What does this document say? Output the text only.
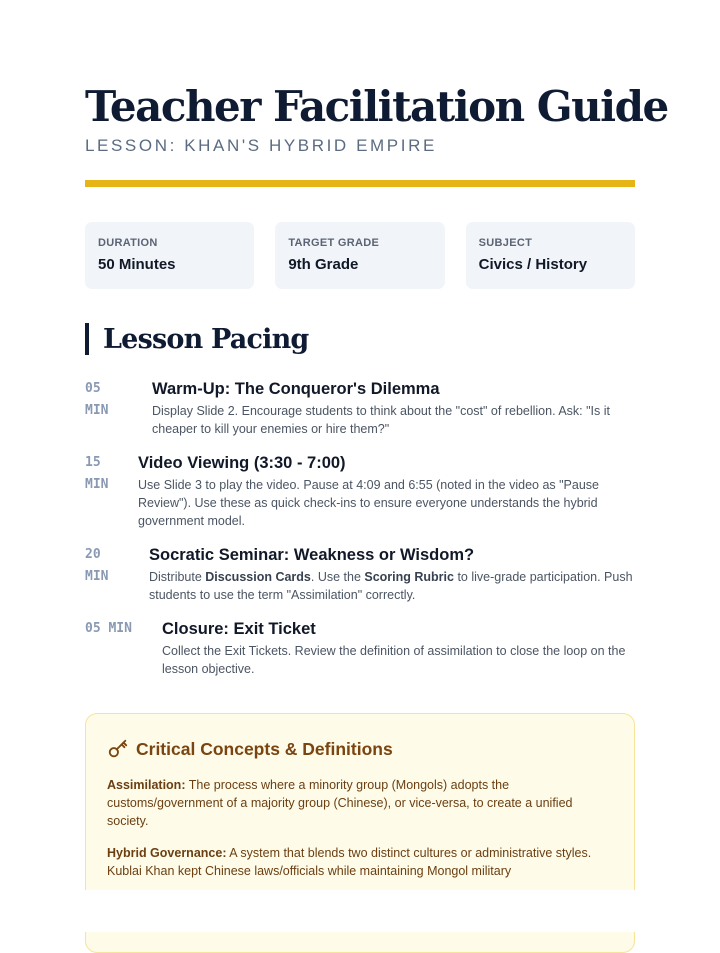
Teacher Facilitation Guide
LESSON: KHAN'S HYBRID EMPIRE
DURATION
50 Minutes
TARGET GRADE
9th Grade
SUBJECT
Civics / History
Lesson Pacing
05
MIN
Warm-Up: The Conqueror's Dilemma
Display Slide 2. Encourage students to think about the "cost" of rebellion. Ask: "Is it cheaper to kill your enemies or hire them?"
15
MIN
Video Viewing (3:30 - 7:00)
Use Slide 3 to play the video. Pause at 4:09 and 6:55 (noted in the video as "Pause Review"). Use these as quick check-ins to ensure everyone understands the hybrid government model.
20
MIN
Socratic Seminar: Weakness or Wisdom?
Distribute Discussion Cards. Use the Scoring Rubric to live-grade participation. Push students to use the term "Assimilation" correctly.
05 MIN Closure: Exit Ticket
Collect the Exit Tickets. Review the definition of assimilation to close the loop on the lesson objective.
Critical Concepts & Definitions
Assimilation: The process where a minority group (Mongols) adopts the customs/government of a majority group (Chinese), or vice-versa, to create a unified society.
Hybrid Governance: A system that blends two distinct cultures or administrative styles. Kublai Khan kept Chinese laws/officials while maintaining Mongol military
